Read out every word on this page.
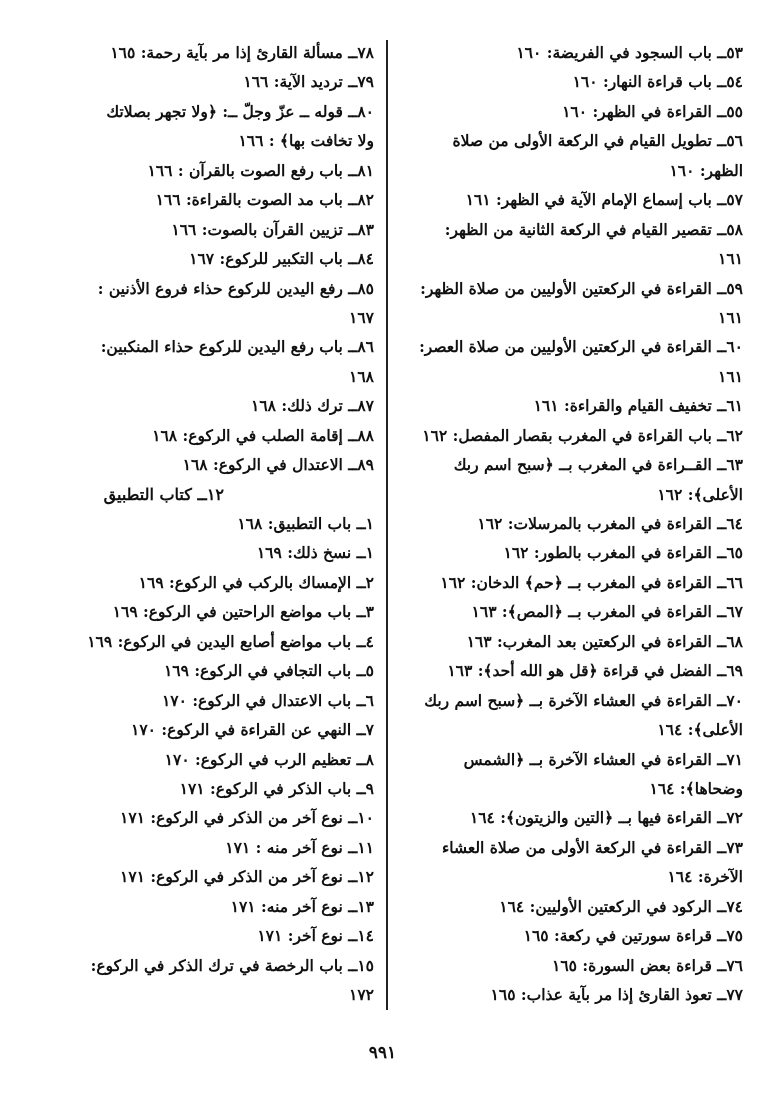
٥٣ــ باب السجود في الفريضة: ١٦٠
٥٤ــ باب قراءة النهار: ١٦٠
٥٥ــ القراءة في الظهر: ١٦٠
٥٦ــ تطويل القيام في الركعة الأولى من صلاة
الظهر: ١٦٠
٥٧ــ باب إسماع الإمام الآية في الظهر: ١٦١
٥٨ــ تقصير القيام في الركعة الثانية من الظهر:
١٦١
٥٩ــ القراءة في الركعتين الأوليين من صلاة الظهر:
١٦١
٦٠ــ القراءة في الركعتين الأوليين من صلاة العصر:
١٦١
٦١ــ تخفيف القيام والقراءة: ١٦١
٦٢ــ باب القراءة في المغرب بقصار المفصل: ١٦٢
٦٣ــ القــراءة في المغرب بــ ﴿سبح اسم ربك
الأعلى﴾: ١٦٢
٦٤ــ القراءة في المغرب بالمرسلات: ١٦٢
٦٥ــ القراءة في المغرب بالطور: ١٦٢
٦٦ــ القراءة في المغرب بــ ﴿حم﴾ الدخان: ١٦٢
٦٧ــ القراءة في المغرب بــ ﴿المص﴾: ١٦٣
٦٨ــ القراءة في الركعتين بعد المغرب: ١٦٣
٦٩ــ الفضل في قراءة ﴿قل هو الله أحد﴾: ١٦٣
٧٠ــ القراءة في العشاء الآخرة بــ ﴿سبح اسم ربك
الأعلى﴾: ١٦٤
٧١ــ القراءة في العشاء الآخرة بــ ﴿الشمس
وضحاها﴾: ١٦٤
٧٢ــ القراءة فيها بــ ﴿التين والزيتون﴾: ١٦٤
٧٣ــ القراءة في الركعة الأولى من صلاة العشاء
الآخرة: ١٦٤
٧٤ــ الركود في الركعتين الأوليين: ١٦٤
٧٥ــ قراءة سورتين في ركعة: ١٦٥
٧٦ــ قراءة بعض السورة: ١٦٥
٧٧ــ تعوذ القارئ إذا مر بآية عذاب: ١٦٥
٧٨ــ مسألة القارئ إذا مر بآية رحمة: ١٦٥
٧٩ــ ترديد الآية: ١٦٦
٨٠ــ قوله ــ عزّ وجلّ ــ: ﴿ولا تجهر بصلاتك
ولا تخافت بها﴾ : ١٦٦
٨١ــ باب رفع الصوت بالقرآن : ١٦٦
٨٢ــ باب مد الصوت بالقراءة: ١٦٦
٨٣ــ تزيين القرآن بالصوت: ١٦٦
٨٤ــ باب التكبير للركوع: ١٦٧
٨٥ــ رفع اليدين للركوع حذاء فروع الأذنين :
١٦٧
٨٦ــ باب رفع اليدين للركوع حذاء المنكبين:
١٦٨
٨٧ــ ترك ذلك: ١٦٨
٨٨ــ إقامة الصلب في الركوع: ١٦٨
٨٩ــ الاعتدال في الركوع: ١٦٨
١٢ــ كتاب التطبيق
١ــ باب التطبيق: ١٦٨
١ــ نسخ ذلك: ١٦٩
٢ــ الإمساك بالركب في الركوع: ١٦٩
٣ــ باب مواضع الراحتين في الركوع: ١٦٩
٤ــ باب مواضع أصابع اليدين في الركوع: ١٦٩
٥ــ باب التجافي في الركوع: ١٦٩
٦ــ باب الاعتدال في الركوع: ١٧٠
٧ــ النهي عن القراءة في الركوع: ١٧٠
٨ــ تعظيم الرب في الركوع: ١٧٠
٩ــ باب الذكر في الركوع: ١٧١
١٠ــ نوع آخر من الذكر في الركوع: ١٧١
١١ــ نوع آخر منه : ١٧١
١٢ــ نوع آخر من الذكر في الركوع: ١٧١
١٣ــ نوع آخر منه: ١٧١
١٤ــ نوع آخر: ١٧١
١٥ــ باب الرخصة في ترك الذكر في الركوع:
١٧٢
٩٩١
